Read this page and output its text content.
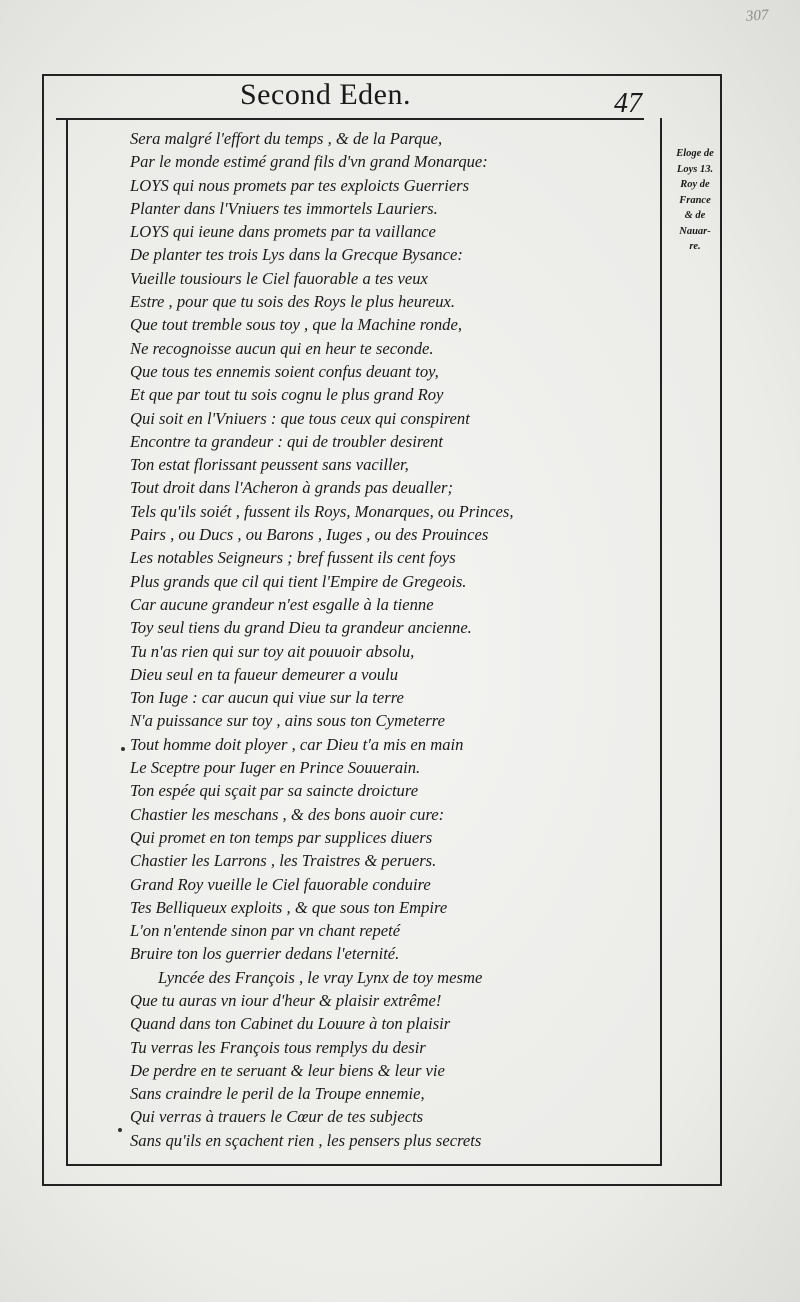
307
Second Eden.	47
Eloge de
Loys 13.
Roy de
France
& de
Nauar-
re.
Sera malgré l'effort du temps , & de la Parque,
Par le monde estimé grand fils d'vn grand Monarque:
LOYS qui nous promets par tes exploicts Guerriers
Planter dans l'Vniuers tes immortels Lauriers.
LOYS qui ieune dans promets par ta vaillance
De planter tes trois Lys dans la Grecque Bysance:
Vueille tousiours le Ciel fauorable a tes veux
Estre , pour que tu sois des Roys le plus heureux.
Que tout tremble sous toy , que la Machine ronde,
Ne recognoisse aucun qui en heur te seconde.
Que tous tes ennemis soient confus deuant toy,
Et que par tout tu sois cognu le plus grand Roy
Qui soit en l'Vniuers : que tous ceux qui conspirent
Encontre ta grandeur : qui de troubler desirent
Ton estat florissant peussent sans vaciller,
Tout droit dans l'Acheron à grands pas deualler;
Tels qu'ils soiét , fussent ils Roys, Monarques, ou Princes,
Pairs , ou Ducs , ou Barons , Iuges , ou des Prouinces
Les notables Seigneurs ; bref fussent ils cent foys
Plus grands que cil qui tient l'Empire de Gregeois.
Car aucune grandeur n'est esgalle à la tienne
Toy seul tiens du grand Dieu ta grandeur ancienne.
Tu n'as rien qui sur toy ait pouuoir absolu,
Dieu seul en ta faueur demeurer a voulu
Ton Iuge : car aucun qui viue sur la terre
N'a puissance sur toy , ains sous ton Cymeterre
Tout homme doit ployer , car Dieu t'a mis en main
Le Sceptre pour Iuger en Prince Souuerain.
Ton espée qui sçait par sa saincte droicture
Chastier les meschans , & des bons auoir cure:
Qui promet en ton temps par supplices diuers
Chastier les Larrons , les Traistres & peruers.
Grand Roy vueille le Ciel fauorable conduire
Tes Belliqueux exploits , & que sous ton Empire
L'on n'entende sinon par vn chant repeté
Bruire ton los guerrier dedans l'eternité.
Lyncée des François , le vray Lynx de toy mesme
Que tu auras vn iour d'heur & plaisir extrême!
Quand dans ton Cabinet du Louure à ton plaisir
Tu verras les François tous remplys du desir
De perdre en te seruant & leur biens & leur vie
Sans craindre le peril de la Troupe ennemie,
Qui verras à trauers le Cœur de tes subjects
Sans qu'ils en sçachent rien , les pensers plus secrets
